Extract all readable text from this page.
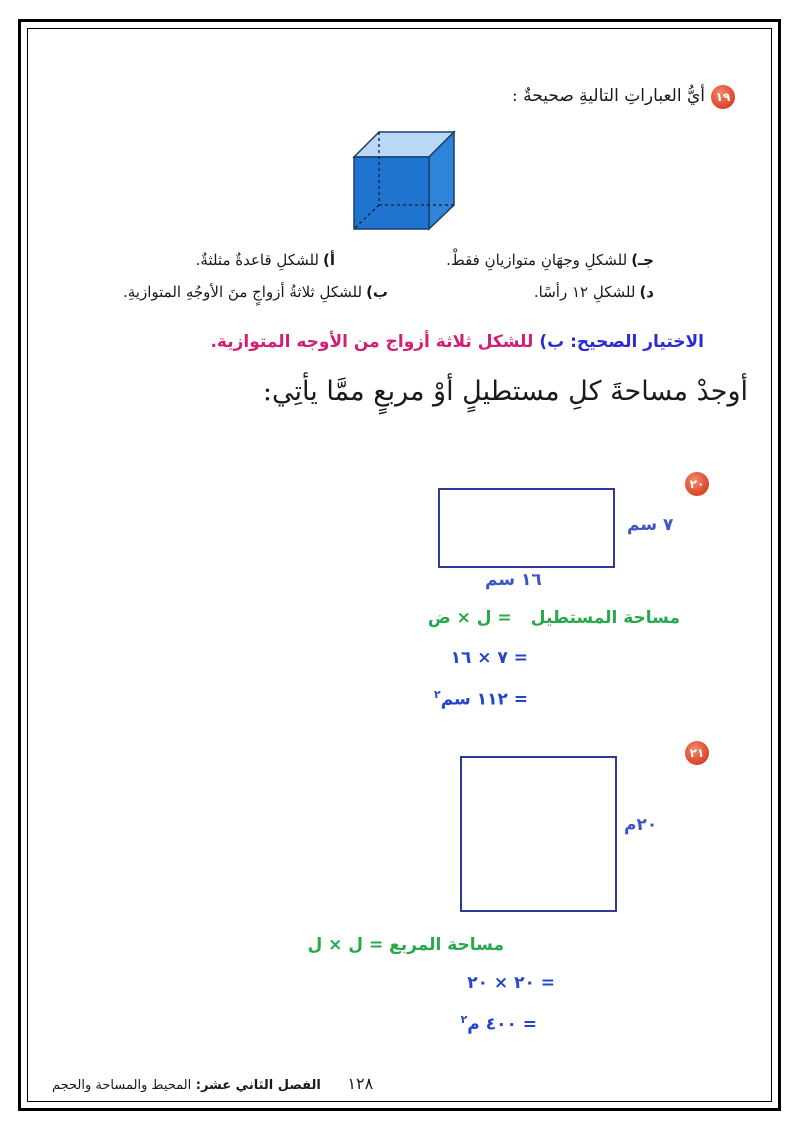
١٩
أيُّ العباراتِ التاليةِ صحيحةٌ :
أ)للشكلِ قاعدةٌ مثلثةٌ.	جـ)للشكلِ وجهَانِ متوازيانِ فقطْ.
ب)للشكلِ ثلاثةُ أزواجٍ منَ الأوجُهِ المتوازيةِ.	د)للشكلِ ١٢ رأسًا.
الاختيار الصحيح: ب) للشكل ثلاثة أزواج من الأوجه المتوازية.
أوجدْ مساحةَ كلِ مستطيلٍ أوْ مربعٍ ممَّا يأتِي:
٢٠
٧ سم
١٦ سم
مساحة المستطيل = ل × ض
= ٧ × ١٦
= ١١٢ سم$^٢$
٢١
٢٠م
مساحة المربع = ل × ل
= ٢٠ × ٢٠
= ٤٠٠ م$^٢$
١٢٨ الفصل الثاني عشر: المحيط والمساحة والحجم
